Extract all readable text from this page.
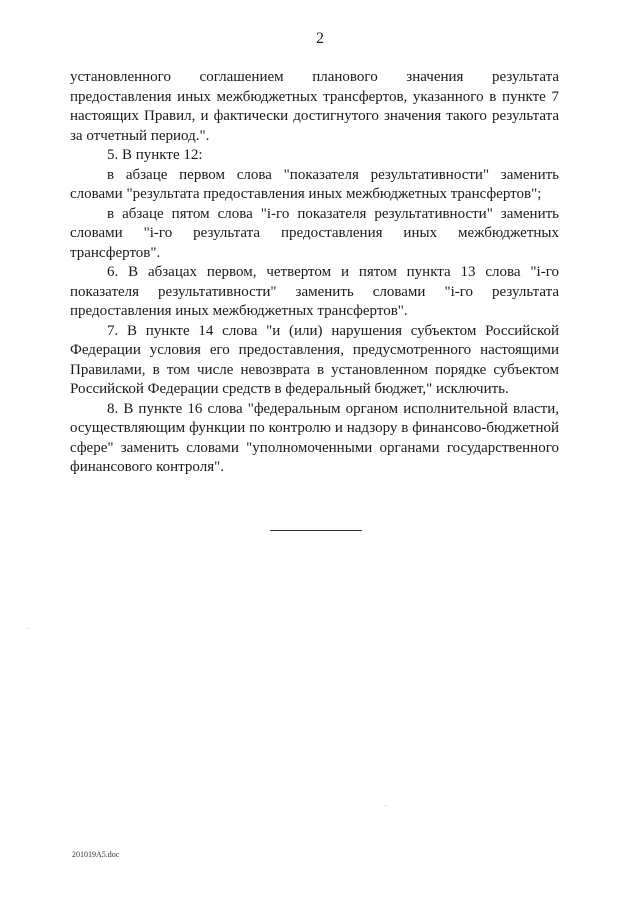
2

установленного соглашением планового значения результата предоставления иных межбюджетных трансфертов, указанного в пункте 7 настоящих Правил, и фактически достигнутого значения такого результата за отчетный период.".

5. В пункте 12:

в абзаце первом слова "показателя результативности" заменить словами "результата предоставления иных межбюджетных трансфертов";

в абзаце пятом слова "i-го показателя результативности" заменить словами "i-го результата предоставления иных межбюджетных трансфертов".

6. В абзацах первом, четвертом и пятом пункта 13 слова "i-го показателя результативности" заменить словами "i-го результата предоставления иных межбюджетных трансфертов".

7. В пункте 14 слова "и (или) нарушения субъектом Российской Федерации условия его предоставления, предусмотренного настоящими Правилами, в том числе невозврата в установленном порядке субъектом Российской Федерации средств в федеральный бюджет," исключить.

8. В пункте 16 слова "федеральным органом исполнительной власти, осуществляющим функции по контролю и надзору в финансово-бюджетной сфере" заменить словами "уполномоченными органами государственного финансового контроля".

201019A5.doc
